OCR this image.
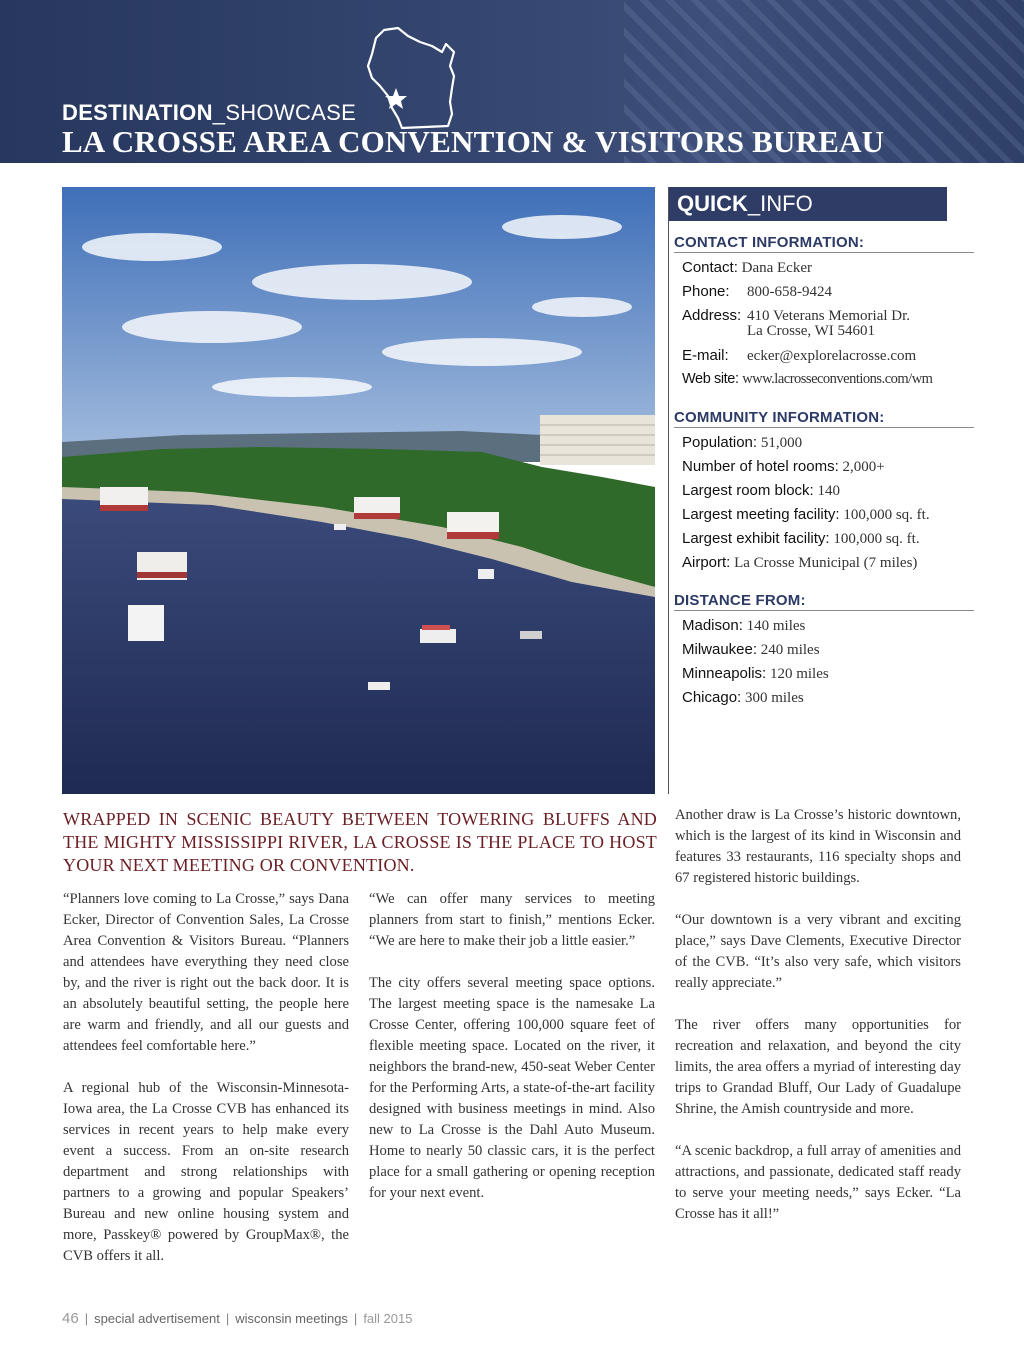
DESTINATION_SHOWCASE
LA CROSSE AREA CONVENTION & VISITORS BUREAU
QUICK_INFO
CONTACT INFORMATION:
Contact: Dana Ecker
Phone: 800-658-9424
Address: 410 Veterans Memorial Dr.
La Crosse, WI 54601
E-mail: ecker@explorelacrosse.com
Web site: www.lacrosseconventions.com/wm
COMMUNITY INFORMATION:
Population: 51,000
Number of hotel rooms: 2,000+
Largest room block: 140
Largest meeting facility: 100,000 sq. ft.
Largest exhibit facility: 100,000 sq. ft.
Airport: La Crosse Municipal (7 miles)
DISTANCE FROM:
Madison: 140 miles
Milwaukee: 240 miles
Minneapolis: 120 miles
Chicago: 300 miles
WRAPPED IN SCENIC BEAUTY BETWEEN TOWERING BLUFFS AND THE MIGHTY MISSISSIPPI RIVER, LA CROSSE IS THE PLACE TO HOST YOUR NEXT MEETING OR CONVENTION.

“Planners love coming to La Crosse,” says Dana Ecker, Director of Convention Sales, La Crosse Area Convention & Visitors Bureau. “Planners and attendees have everything they need close by, and the river is right out the back door. It is an absolutely beautiful setting, the people here are warm and friendly, and all our guests and attendees feel comfortable here.”

A regional hub of the Wisconsin-Minnesota-Iowa area, the La Crosse CVB has enhanced its services in recent years to help make every event a success. From an on-site research department and strong relationships with partners to a growing and popular Speakers’ Bureau and new online housing system and more, Passkey® powered by GroupMax®, the CVB offers it all.

“We can offer many services to meeting planners from start to finish,” mentions Ecker. “We are here to make their job a little easier.”

The city offers several meeting space options. The largest meeting space is the namesake La Crosse Center, offering 100,000 square feet of flexible meeting space. Located on the river, it neighbors the brand-new, 450-seat Weber Center for the Performing Arts, a state-of-the-art facility designed with business meetings in mind. Also new to La Crosse is the Dahl Auto Museum. Home to nearly 50 classic cars, it is the perfect place for a small gathering or opening reception for your next event.

Another draw is La Crosse’s historic downtown, which is the largest of its kind in Wisconsin and features 33 restaurants, 116 specialty shops and 67 registered historic buildings.

“Our downtown is a very vibrant and exciting place,” says Dave Clements, Executive Director of the CVB. “It’s also very safe, which visitors really appreciate.”

The river offers many opportunities for recreation and relaxation, and beyond the city limits, the area offers a myriad of interesting day trips to Grandad Bluff, Our Lady of Guadalupe Shrine, the Amish countryside and more.

“A scenic backdrop, a full array of amenities and attractions, and passionate, dedicated staff ready to serve your meeting needs,” says Ecker. “La Crosse has it all!”

46 | special advertisement | wisconsin meetings | fall 2015
